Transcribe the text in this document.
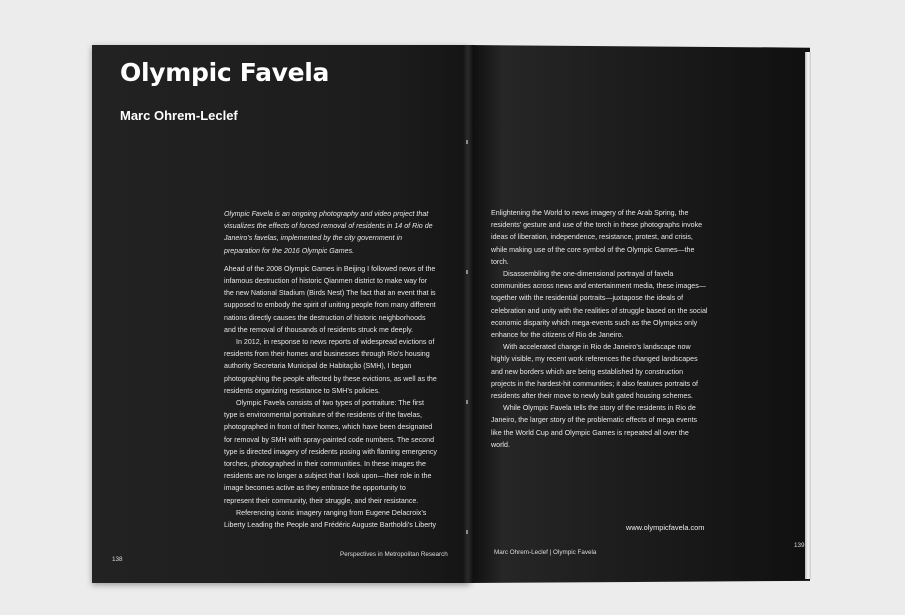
Olympic Favela
Marc Ohrem-Leclef

Olympic Favela is an ongoing photography and video project that visualizes the effects of forced removal of residents in 14 of Rio de Janeiro’s favelas, implemented by the city government in preparation for the 2016 Olympic Games.

Ahead of the 2008 Olympic Games in Beijing I followed news of the infamous destruction of historic Qianmen district to make way for the new National Stadium (Birds Nest) The fact that an event that is supposed to embody the spirit of uniting people from many different nations directly causes the destruction of historic neighborhoods and the removal of thousands of residents struck me deeply.

In 2012, in response to news reports of widespread evictions of residents from their homes and businesses through Rio’s housing authority Secretaria Municipal de Habitação (SMH), I began photographing the people affected by these evictions, as well as the residents organizing resistance to SMH’s policies.

Olympic Favela consists of two types of portraiture: The first type is environmental portraiture of the residents of the favelas, photographed in front of their homes, which have been designated for removal by SMH with spray-painted code numbers. The second type is directed imagery of residents posing with flaming emergency torches, photographed in their communities. In these images the residents are no longer a subject that I look upon—their role in the image becomes active as they embrace the opportunity to represent their community, their struggle, and their resistance.

Referencing iconic imagery ranging from Eugene Delacroix’s Liberty Leading the People and Frédéric Auguste Bartholdi’s Liberty

Enlightening the World to news imagery of the Arab Spring, the residents’ gesture and use of the torch in these photographs invoke ideas of liberation, independence, resistance, protest, and crisis, while making use of the core symbol of the Olympic Games—the torch.

Disassembling the one-dimensional portrayal of favela communities across news and entertainment media, these images—together with the residential portraits—juxtapose the ideals of celebration and unity with the realities of struggle based on the social economic disparity which mega-events such as the Olympics only enhance for the citizens of Rio de Janeiro.

With accelerated change in Rio de Janeiro’s landscape now highly visible, my recent work references the changed landscapes and new borders which are being established by construction projects in the hardest-hit communities; it also features portraits of residents after their move to newly built gated housing schemes.

While Olympic Favela tells the story of the residents in Rio de Janeiro, the larger story of the problematic effects of mega events like the World Cup and Olympic Games is repeated all over the world.

www.olympicfavela.com
138
Perspectives in Metropolitan Research	Marc Ohrem-Leclef | Olympic Favela
139
